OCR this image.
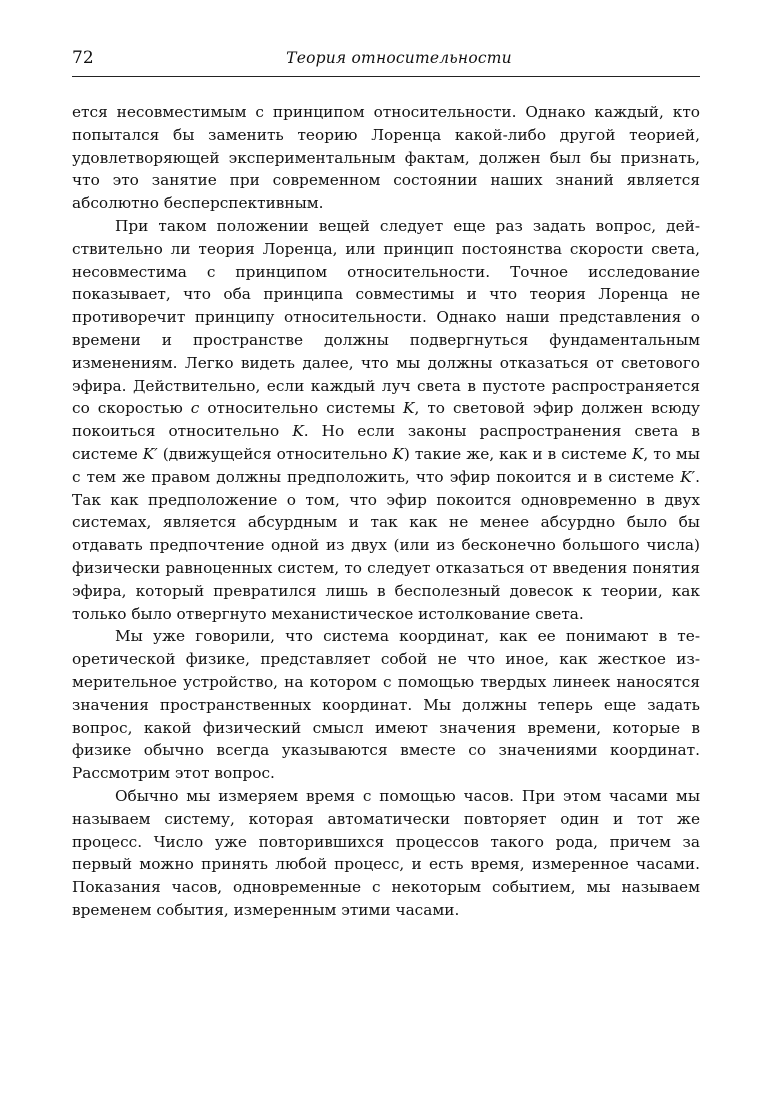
72	Теория относительности

ется несовместимым с принципом относительности. Однако каждый, кто попытался бы заменить теорию Лоренца какой-либо другой теорией, удовлетворяющей экспериментальным фактам, должен был бы признать, что это занятие при современном состоянии наших знаний является абсолютно бесперспективным.

При таком положении вещей следует еще раз задать вопрос, действительно ли теория Лоренца, или принцип постоянства скорости света, несовместима с принципом относительности. Точное исследование показывает, что оба принципа совместимы и что теория Лоренца не противоречит принципу относительности. Однако наши представления о времени и пространстве должны подвергнуться фундаментальным изменениям. Легко видеть далее, что мы должны отказаться от светового эфира. Действительно, если каждый луч света в пустоте распространяется со скоростью c относительно системы K, то световой эфир должен всюду покоиться относительно K. Но если законы распространения света в системе K′ (движущейся относительно K) такие же, как и в системе K, то мы с тем же правом должны предположить, что эфир покоится и в системе K′. Так как предположение о том, что эфир покоится одновременно в двух системах, является абсурдным и так как не менее абсурдно было бы отдавать предпочтение одной из двух (или из бесконечно большого числа) физически равноценных систем, то следует отказаться от введения понятия эфира, который превратился лишь в бесполезный довесок к теории, как только было отвергнуто механистическое истолкование света.

Мы уже говорили, что система координат, как ее понимают в теоретической физике, представляет собой не что иное, как жесткое измерительное устройство, на котором с помощью твердых линеек наносятся значения пространственных координат. Мы должны теперь еще задать вопрос, какой физический смысл имеют значения времени, которые в физике обычно всегда указываются вместе со значениями координат. Рассмотрим этот вопрос.

Обычно мы измеряем время с помощью часов. При этом часами мы называем систему, которая автоматически повторяет один и тот же процесс. Число уже повторившихся процессов такого рода, причем за первый можно принять любой процесс, и есть время, измеренное часами. Показания часов, одновременные с некоторым событием, мы называем временем события, измеренным этими часами.
